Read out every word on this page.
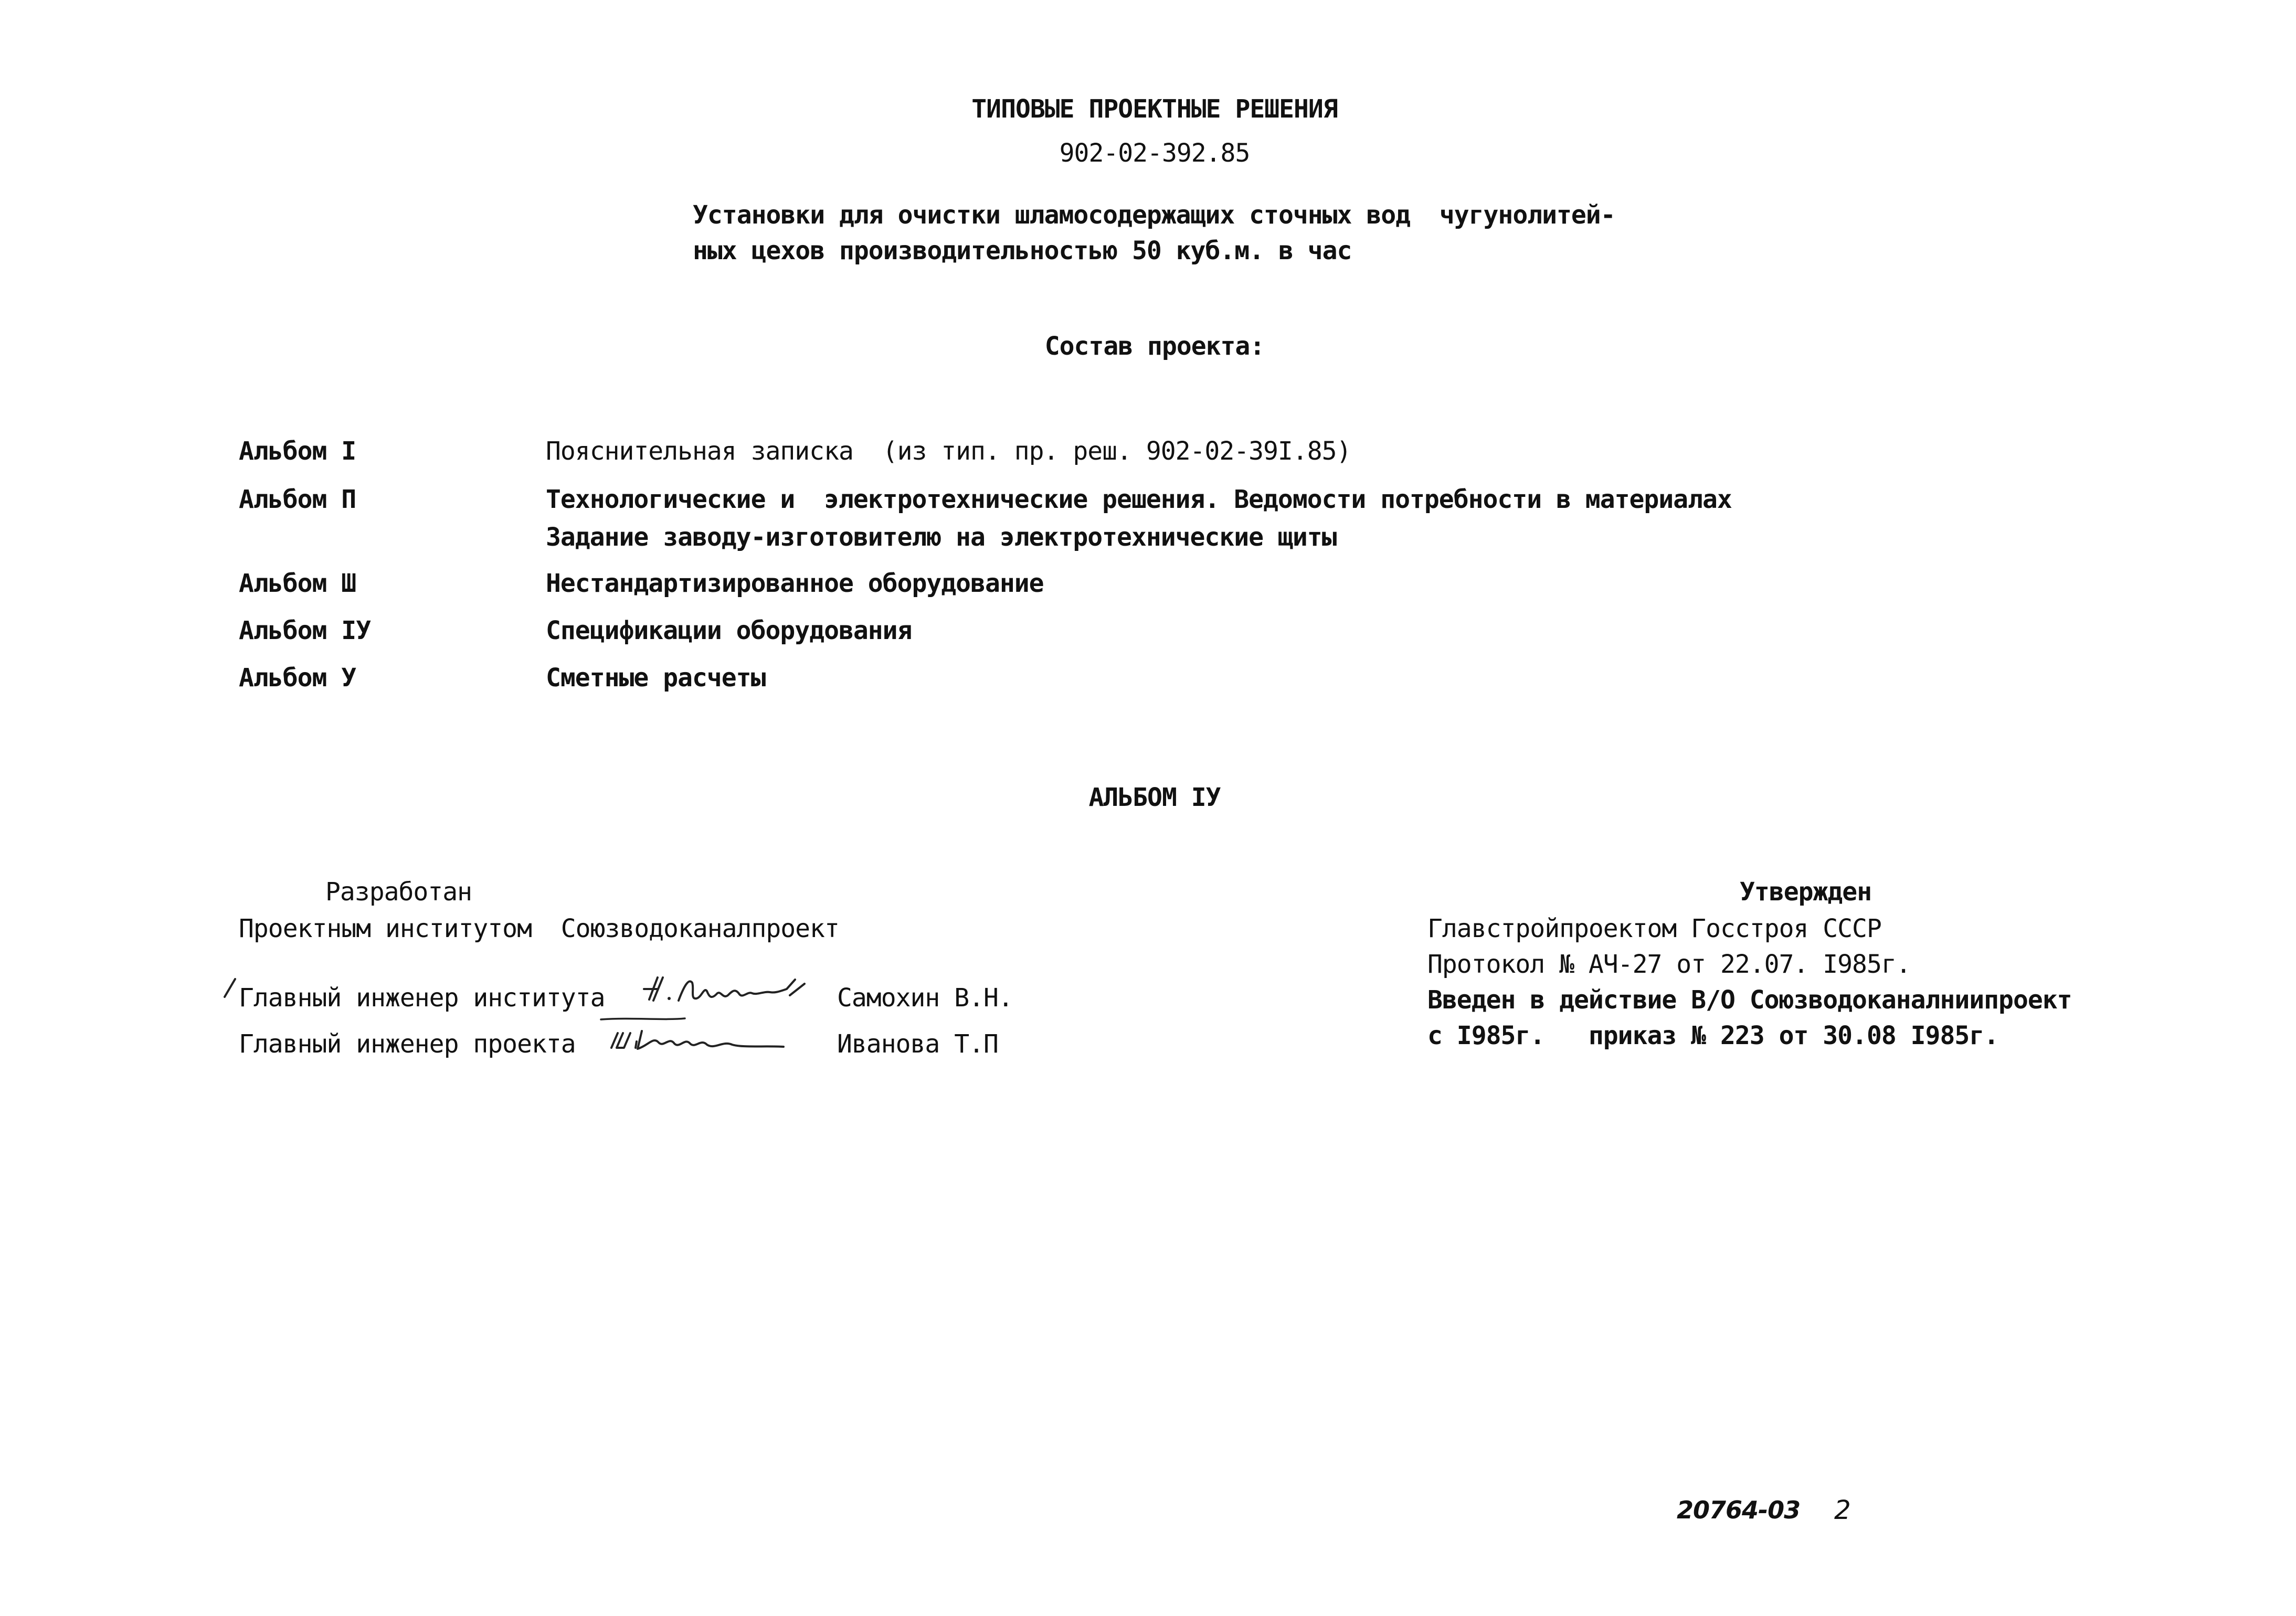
ТИПОВЫЕ ПРОЕКТНЫЕ РЕШЕНИЯ
902-02-392.85
Установки для очистки шламосодержащих сточных вод  чугунолитей-
ных цехов производительностью 50 куб.м. в час
Состав проекта:
Альбом I	Пояснительная записка  (из тип. пр. реш. 902-02-39I.85)
Альбом П	Технологические и  электротехнические решения. Ведомости потребности в материалах
Задание заводу-изготовителю на электротехнические щиты
Альбом Ш	Нестандартизированное оборудование
Альбом IУ	Спецификации оборудования
Альбом У	Сметные расчеты
АЛЬБОМ IУ
Разработан
Проектным институтом  Союзводоканалпроект
Главный инженер института	Самохин В.Н.
Главный инженер проекта	Иванова Т.П
Утвержден
Главстройпроектом Госстроя СССР
Протокол № АЧ-27 от 22.07. I985г.
Введен в действие В/О Союзводоканалниипроект
с I985г.   приказ № 223 от 30.08 I985г.
20764-03 2
